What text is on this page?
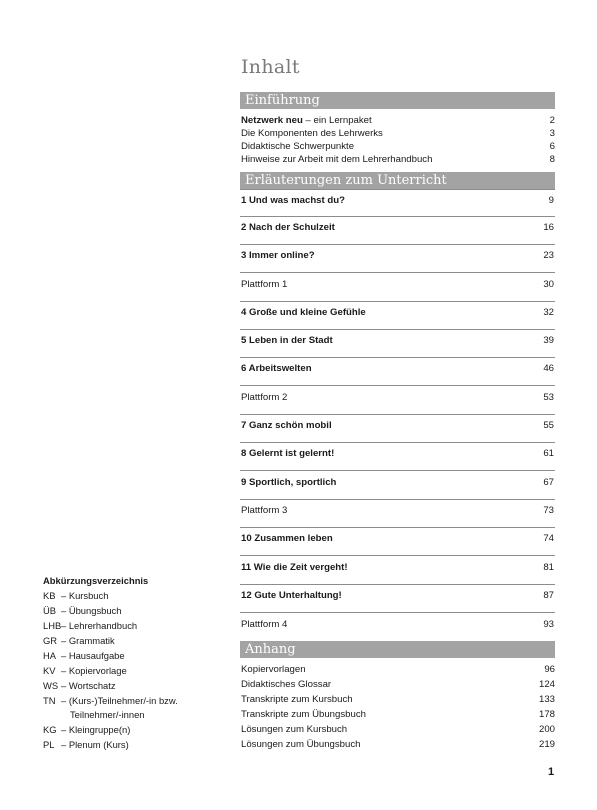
Inhalt
Einführung
Netzwerk neu – ein Lernpaket	2
Die Komponenten des Lehrwerks	3
Didaktische Schwerpunkte	6
Hinweise zur Arbeit mit dem Lehrerhandbuch	8
Erläuterungen zum Unterricht
1 Und was machst du?	9
2 Nach der Schulzeit	16
3 Immer online?	23
Plattform 1	30
4 Große und kleine Gefühle	32
5 Leben in der Stadt	39
6 Arbeitswelten	46
Plattform 2	53
7 Ganz schön mobil	55
8 Gelernt ist gelernt!	61
9 Sportlich, sportlich	67
Plattform 3	73
10 Zusammen leben	74
11 Wie die Zeit vergeht!	81
12 Gute Unterhaltung!	87
Plattform 4	93
Anhang
Kopiervorlagen	96
Didaktisches Glossar	124
Transkripte zum Kursbuch	133
Transkripte zum Übungsbuch	178
Lösungen zum Kursbuch	200
Lösungen zum Übungsbuch	219
Abkürzungsverzeichnis
KB – Kursbuch
ÜB – Übungsbuch
LHB– Lehrerhandbuch
GR – Grammatik
HA – Hausaufgabe
KV – Kopiervorlage
WS – Wortschatz
TN – (Kurs-)Teilnehmer/-in bzw.
Teilnehmer/-innen
KG – Kleingruppe(n)
PL – Plenum (Kurs)
1
